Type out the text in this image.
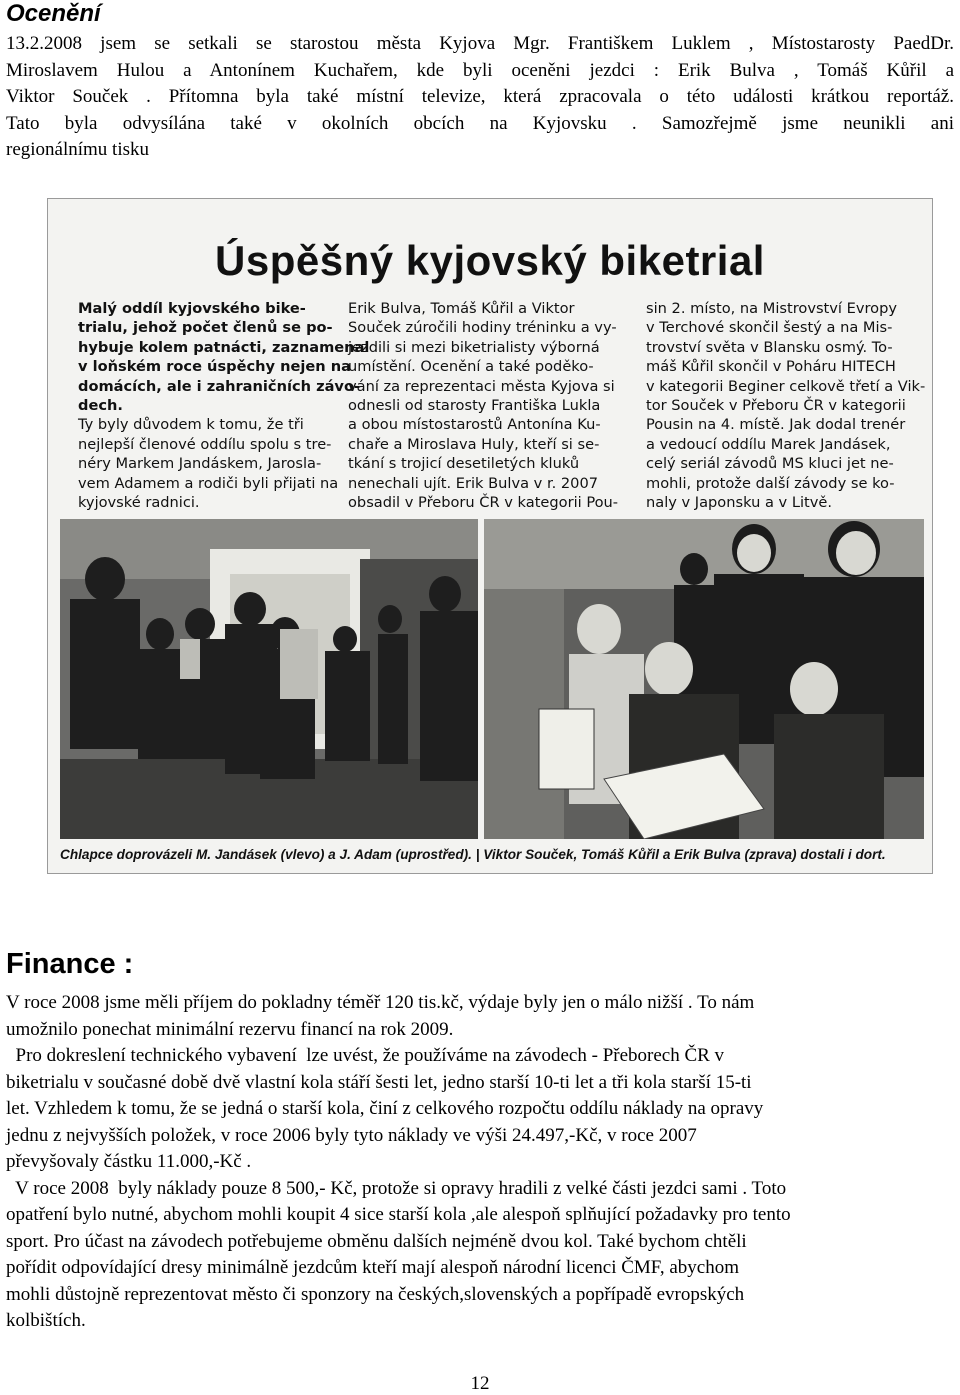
Ocenění
13.2.2008 jsem se setkali se starostou města Kyjova Mgr. Františkem Luklem , Místostarosty PaedDr.
Miroslavem Hulou a Antonínem Kuchařem, kde byli oceněni jezdci : Erik Bulva , Tomáš Kůřil a
Viktor Souček . Přítomna byla také místní televize, která zpracovala o této události krátkou reportáž.
Tato byla odvysílána také v okolních obcích na Kyjovsku . Samozřejmě jsme neunikli ani
regionálnímu tisku
Úspěšný kyjovský biketrial
Malý oddíl kyjovského bike-
trialu, jehož počet členů se po-
hybuje kolem patnácti, zaznamenal
v loňském roce úspěchy nejen na
domácích, ale i zahraničních závo-
dech.
Ty byly důvodem k tomu, že tři
nejlepší členové oddílu spolu s tre-
néry Markem Jandáskem, Jarosla-
vem Adamem a rodiči byli přijati na
kyjovské radnici.
Erik Bulva, Tomáš Kůřil a Viktor
Souček zúročili hodiny tréninku a vy-
jezdili si mezi biketrialisty výborná
umístění. Ocenění a také poděko-
vání za reprezentaci města Kyjova si
odnesli od starosty Františka Lukla
a obou místostarostů Antonína Ku-
chaře a Miroslava Huly, kteří si se-
tkání s trojicí desetiletých kluků
nenechali ujít. Erik Bulva v r. 2007
obsadil v Přeboru ČR v kategorii Pou-
sin 2. místo, na Mistrovství Evropy
v Terchové skončil šestý a na Mis-
trovství světa v Blansku osmý. To-
máš Kůřil skončil v Poháru HITECH
v kategorii Beginer celkově třetí a Vik-
tor Souček v Přeboru ČR v kategorii
Pousin na 4. místě. Jak dodal trenér
a vedoucí oddílu Marek Jandásek,
celý seriál závodů MS kluci jet ne-
mohli, protože další závody se ko-
naly v Japonsku a v Litvě.
Chlapce doprovázeli M. Jandásek (vlevo) a J. Adam (uprostřed). | Viktor Souček, Tomáš Kůřil a Erik Bulva (zprava) dostali i dort.
Finance :
V roce 2008 jsme měli příjem do pokladny téměř 120 tis.kč, výdaje byly jen o málo nižší . To nám
umožnilo ponechat minimální rezervu financí na rok 2009.
Pro dokreslení technického vybavení  lze uvést, že používáme na závodech - Přeborech ČR v
biketrialu v současné době dvě vlastní kola stáří šesti let, jedno starší 10-ti let a tři kola starší 15-ti
let. Vzhledem k tomu, že se jedná o starší kola, činí z celkového rozpočtu oddílu náklady na opravy
jednu z nejvyšších položek, v roce 2006 byly tyto náklady ve výši 24.497,-Kč, v roce 2007
převyšovaly částku 11.000,-Kč .
V roce 2008  byly náklady pouze 8 500,- Kč, protože si opravy hradili z velké části jezdci sami . Toto
opatření bylo nutné, abychom mohli koupit 4 sice starší kola ,ale alespoň splňující požadavky pro tento
sport. Pro účast na závodech potřebujeme obměnu dalších nejméně dvou kol. Také bychom chtěli
pořídit odpovídající dresy minimálně jezdcům kteří mají alespoň národní licenci ČMF, abychom
mohli důstojně reprezentovat město či sponzory na českých,slovenských a popřípadě evropských
kolbištích.
12
